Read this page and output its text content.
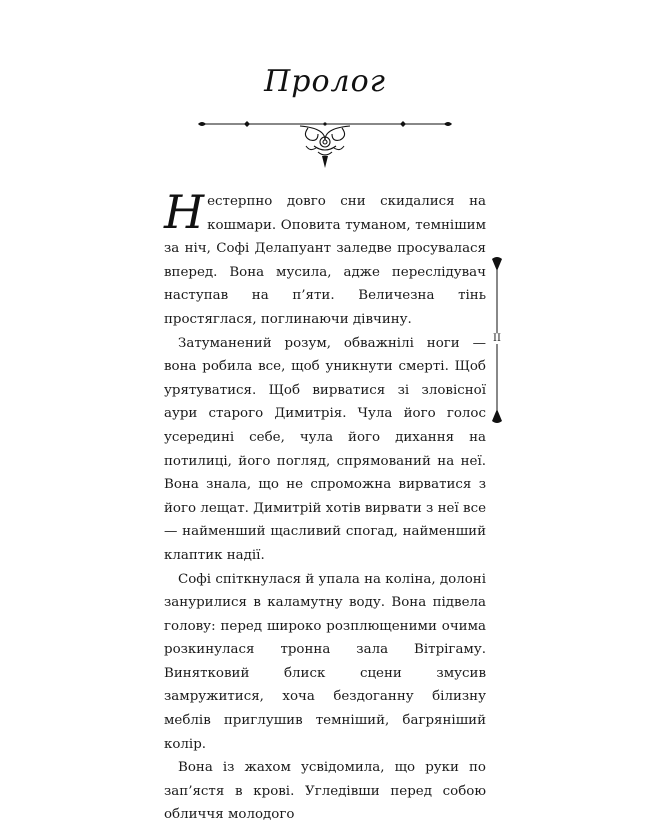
Пролог

Нестерпно довго сни скидалися на кошмари. Оповита туманом, темнішим за ніч, Софі Делапуант заледве просувалася вперед. Вона мусила, адже переслідувач наступав на п’яти. Величезна тінь простяглася, поглинаючи дівчину.

Затуманений розум, обважнілі ноги — вона робила все, щоб уникнути смерті. Щоб урятуватися. Щоб вирватися зі зловісної аури старого Димитрія. Чула його голос усередині себе, чула його дихання на потилиці, його погляд, спрямований на неї. Вона знала, що не спроможна вирватися з його лещат. Димитрій хотів вирвати з неї все — найменший щасливий спогад, найменший клаптик надії.

Софі спіткнулася й упала на коліна, долоні занурилися в каламутну воду. Вона підвела голову: перед широко розплющеними очима розкинулася тронна зала Вітрігаму. Винятковий блиск сцени змусив замружитися, хоча бездоганну білизну меблів приглушив темніший, багряніший колір.

Вона із жахом усвідомила, що руки по зап’ястя в крові. Угледівши перед собою обличчя молодого

II
